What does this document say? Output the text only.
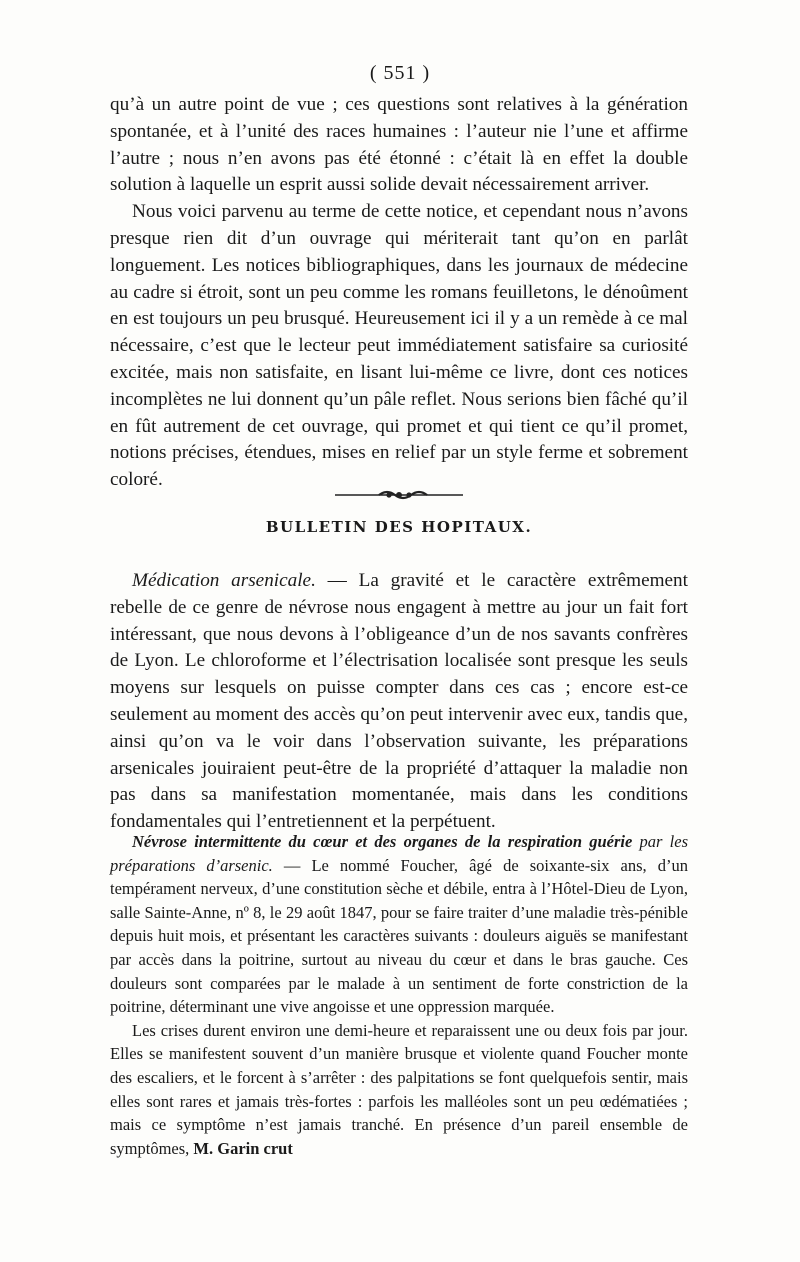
( 551 )

qu’à un autre point de vue ; ces questions sont relatives à la génération spontanée, et à l’unité des races humaines : l’auteur nie l’une et affirme l’autre ; nous n’en avons pas été étonné : c’était là en effet la double solution à laquelle un esprit aussi solide devait nécessairement arriver.

Nous voici parvenu au terme de cette notice, et cependant nous n’avons presque rien dit d’un ouvrage qui mériterait tant qu’on en parlât longuement. Les notices bibliographiques, dans les journaux de médecine au cadre si étroit, sont un peu comme les romans feuilletons, le dénoûment en est toujours un peu brusqué. Heureusement ici il y a un remède à ce mal nécessaire, c’est que le lecteur peut immédiatement satisfaire sa curiosité excitée, mais non satisfaite, en lisant lui-même ce livre, dont ces notices incomplètes ne lui donnent qu’un pâle reflet. Nous serions bien fâché qu’il en fût autrement de cet ouvrage, qui promet et qui tient ce qu’il promet, notions précises, étendues, mises en relief par un style ferme et sobrement coloré.

BULLETIN DES HOPITAUX.

Médication arsenicale. — La gravité et le caractère extrêmement rebelle de ce genre de névrose nous engagent à mettre au jour un fait fort intéressant, que nous devons à l’obligeance d’un de nos savants confrères de Lyon. Le chloroforme et l’électrisation localisée sont presque les seuls moyens sur lesquels on puisse compter dans ces cas ; encore est-ce seulement au moment des accès qu’on peut intervenir avec eux, tandis que, ainsi qu’on va le voir dans l’observation suivante, les préparations arsenicales jouiraient peut-être de la propriété d’attaquer la maladie non pas dans sa manifestation momentanée, mais dans les conditions fondamentales qui l’entretiennent et la perpétuent.

Névrose intermittente du cœur et des organes de la respiration guérie par les préparations d’arsenic. — Le nommé Foucher, âgé de soixante-six ans, d’un tempérament nerveux, d’une constitution sèche et débile, entra à l’Hôtel-Dieu de Lyon, salle Sainte-Anne, nº 8, le 29 août 1847, pour se faire traiter d’une maladie très-pénible depuis huit mois, et présentant les caractères suivants : douleurs aiguës se manifestant par accès dans la poitrine, surtout au niveau du cœur et dans le bras gauche. Ces douleurs sont comparées par le malade à un sentiment de forte constriction de la poitrine, déterminant une vive angoisse et une oppression marquée.

Les crises durent environ une demi-heure et reparaissent une ou deux fois par jour. Elles se manifestent souvent d’un manière brusque et violente quand Foucher monte des escaliers, et le forcent à s’arrêter : des palpitations se font quelquefois sentir, mais elles sont rares et jamais très-fortes : parfois les malléoles sont un peu œdématiées ; mais ce symptôme n’est jamais tranché. En présence d’un pareil ensemble de symptômes, M. Garin crut
